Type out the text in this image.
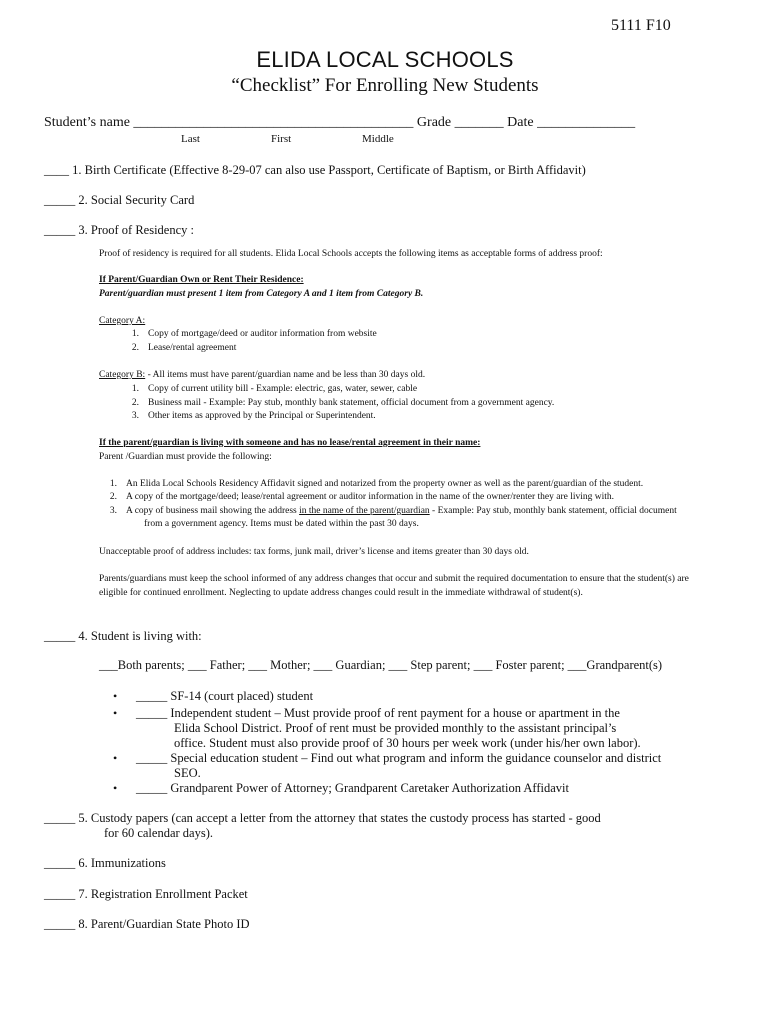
5111 F10
ELIDA LOCAL SCHOOLS
“Checklist” For Enrolling New Students
Student’s name ________________________________________ Grade _______ Date ______________
Last	First	Middle
____ 1. Birth Certificate (Effective 8-29-07 can also use Passport, Certificate of Baptism, or Birth Affidavit)
_____ 2. Social Security Card
_____ 3. Proof of Residency :
Proof of residency is required for all students. Elida Local Schools accepts the following items as acceptable forms of address proof:
If Parent/Guardian Own or Rent Their Residence:
Parent/guardian must present 1 item from Category A and 1 item from Category B.
Category A:
1. Copy of mortgage/deed or auditor information from website
2. Lease/rental agreement
Category B: - All items must have parent/guardian name and be less than 30 days old.
1. Copy of current utility bill - Example: electric, gas, water, sewer, cable
2. Business mail - Example: Pay stub, monthly bank statement, official document from a government agency.
3. Other items as approved by the Principal or Superintendent.
If the parent/guardian is living with someone and has no lease/rental agreement in their name:
Parent /Guardian must provide the following:
1. An Elida Local Schools Residency Affidavit signed and notarized from the property owner as well as the parent/guardian of the student.
2. A copy of the mortgage/deed; lease/rental agreement or auditor information in the name of the owner/renter they are living with.
3. A copy of business mail showing the address in the name of the parent/guardian - Example: Pay stub, monthly bank statement, official document
from a government agency. Items must be dated within the past 30 days.
Unacceptable proof of address includes: tax forms, junk mail, driver’s license and items greater than 30 days old.
Parents/guardians must keep the school informed of any address changes that occur and submit the required documentation to ensure that the student(s) are
eligible for continued enrollment. Neglecting to update address changes could result in the immediate withdrawal of student(s).
_____ 4. Student is living with:
___Both parents; ___ Father; ___ Mother; ___ Guardian; ___ Step parent; ___ Foster parent; ___Grandparent(s)
• _____ SF-14 (court placed) student
• _____ Independent student – Must provide proof of rent payment for a house or apartment in the
Elida School District. Proof of rent must be provided monthly to the assistant principal’s
office. Student must also provide proof of 30 hours per week work (under his/her own labor).
• _____ Special education student – Find out what program and inform the guidance counselor and district
SEO.
• _____ Grandparent Power of Attorney; Grandparent Caretaker Authorization Affidavit
_____ 5. Custody papers (can accept a letter from the attorney that states the custody process has started - good
for 60 calendar days).
_____ 6. Immunizations
_____ 7. Registration Enrollment Packet
_____ 8. Parent/Guardian State Photo ID
